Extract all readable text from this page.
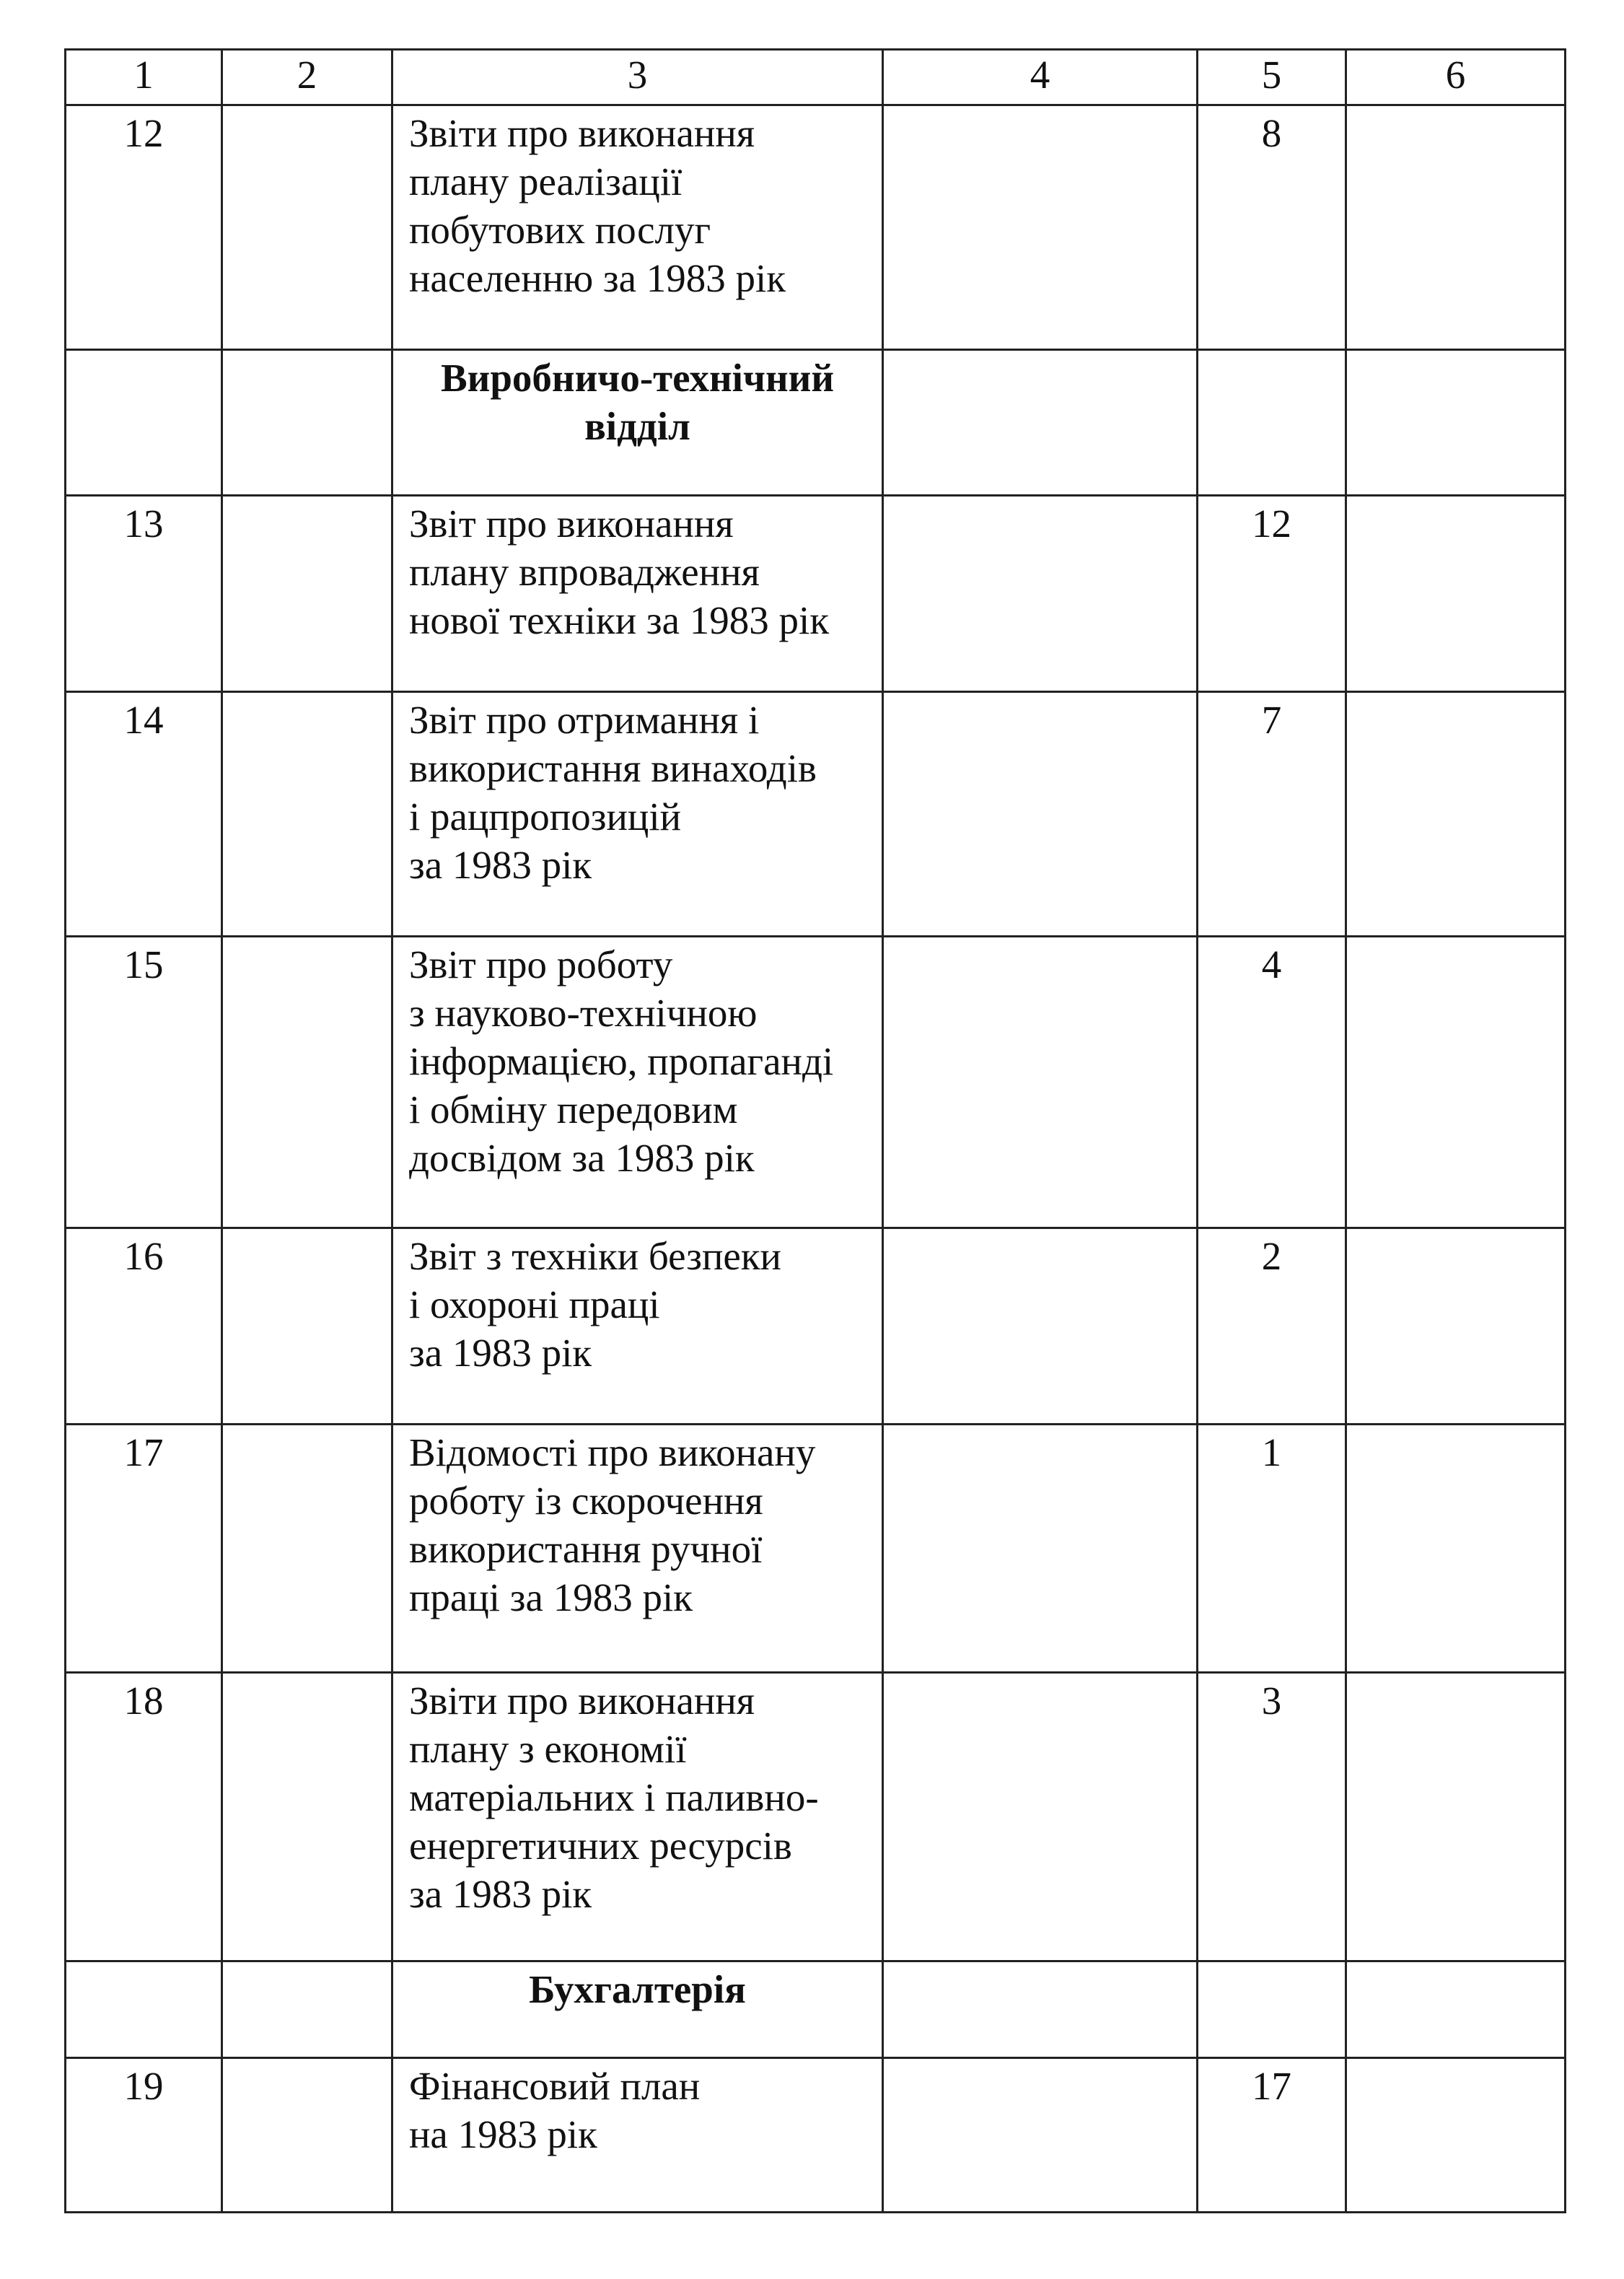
1	2	3	4	5	6
12		Звіти про виконання
плану реалізації
побутових послуг
населенню за 1983 рік		8	
		Виробничо-технічний
відділ			
13		Звіт про виконання
плану впровадження
нової техніки за 1983 рік		12	
14		Звіт про отримання і
використання винаходів
і рацпропозицій
за 1983 рік		7	
15		Звіт про роботу
з науково-технічною
інформацією, пропаганді
і обміну передовим
досвідом за 1983 рік		4	
16		Звіт з техніки безпеки
і охороні праці
за 1983 рік		2	
17		Відомості про виконану
роботу із скорочення
використання ручної
праці за 1983 рік		1	
18		Звіти про виконання
плану з економії
матеріальних і паливно-
енергетичних ресурсів
за 1983 рік		3	
		Бухгалтерія			
19		Фінансовий план
на 1983 рік		17	
